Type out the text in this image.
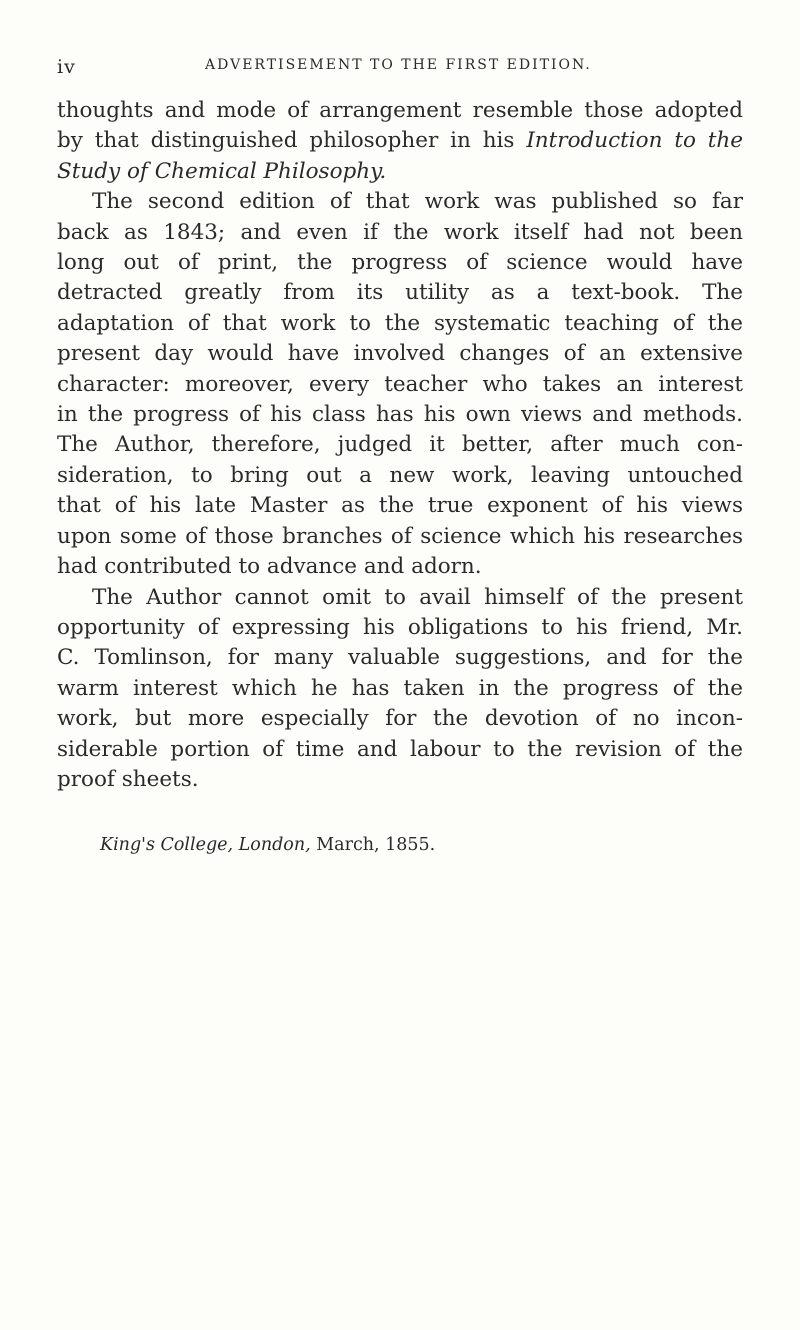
iv	ADVERTISEMENT TO THE FIRST EDITION.
thoughts and mode of arrangement resemble those adopted
by that distinguished philosopher in his Introduction to the
Study of Chemical Philosophy.
The second edition of that work was published so far
back as 1843; and even if the work itself had not been
long out of print, the progress of science would have
detracted greatly from its utility as a text-book. The
adaptation of that work to the systematic teaching of the
present day would have involved changes of an extensive
character: moreover, every teacher who takes an interest
in the progress of his class has his own views and methods.
The Author, therefore, judged it better, after much con-
sideration, to bring out a new work, leaving untouched
that of his late Master as the true exponent of his views
upon some of those branches of science which his researches
had contributed to advance and adorn.
The Author cannot omit to avail himself of the present
opportunity of expressing his obligations to his friend, Mr.
C. Tomlinson, for many valuable suggestions, and for the
warm interest which he has taken in the progress of the
work, but more especially for the devotion of no incon-
siderable portion of time and labour to the revision of the
proof sheets.
King's College, London, March, 1855.
